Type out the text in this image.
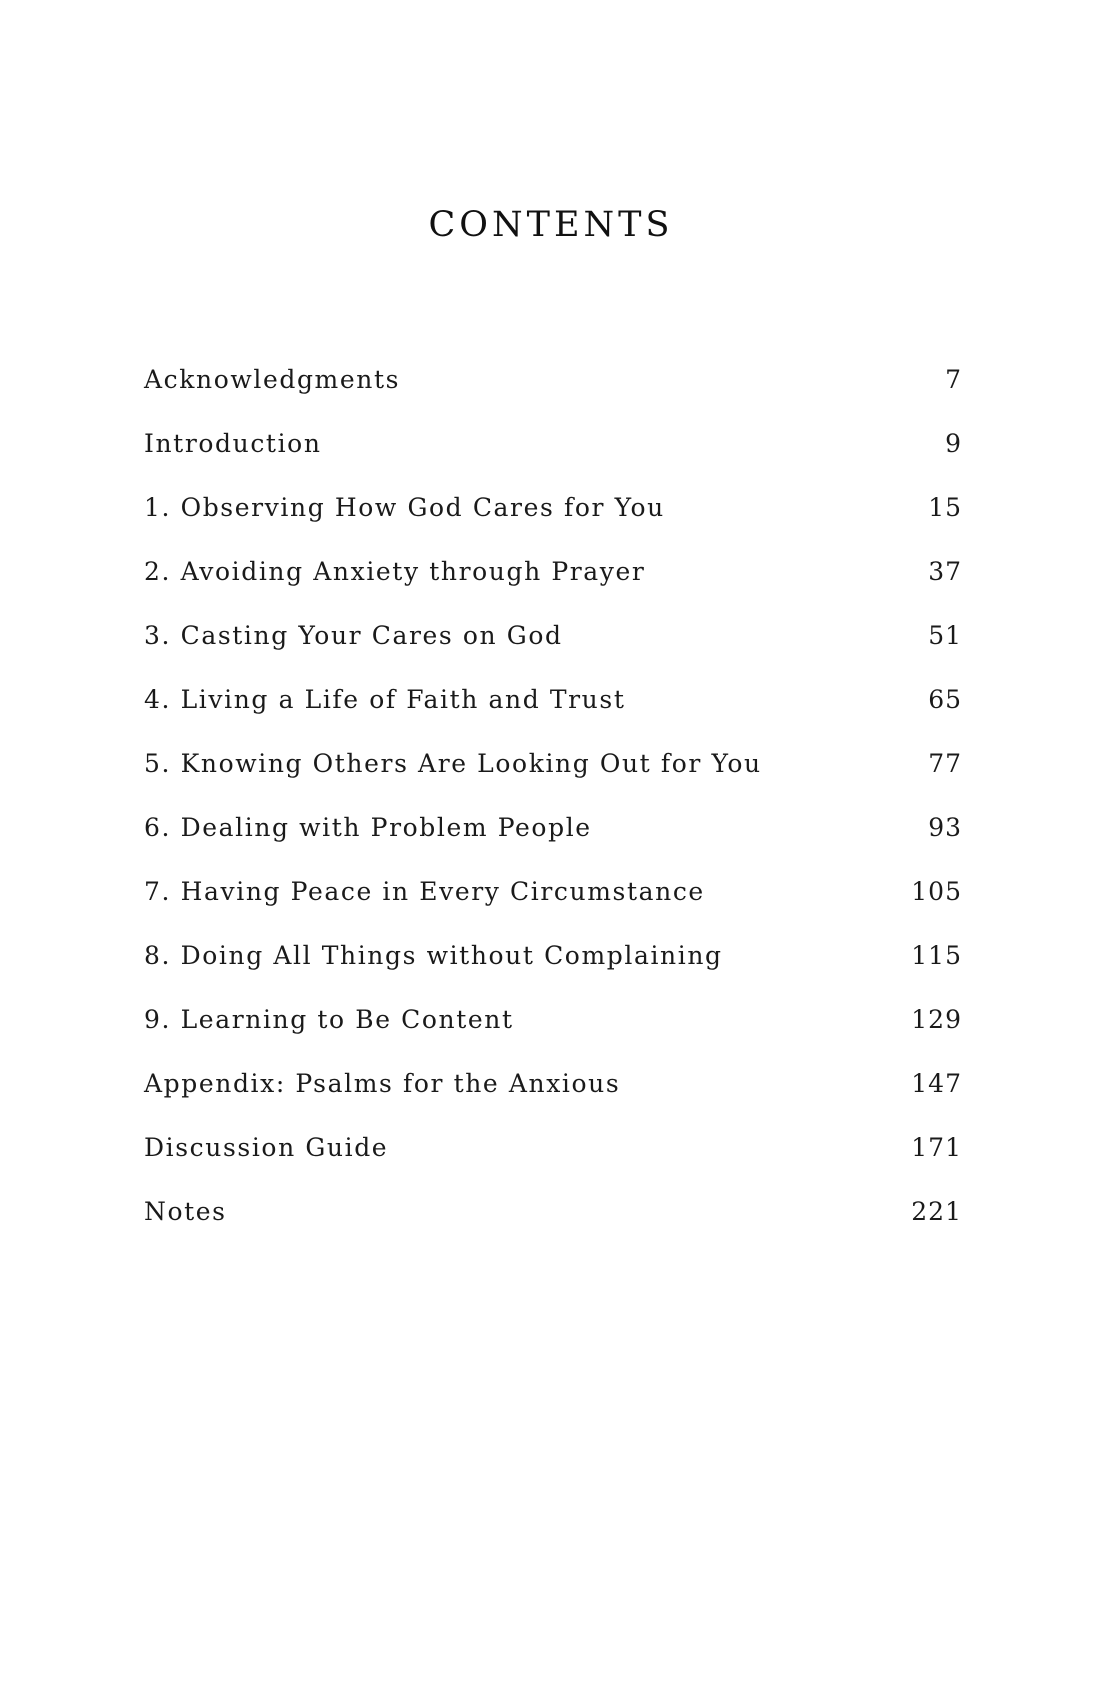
CONTENTS
Acknowledgments	7
Introduction	9
1. Observing How God Cares for You	15
2. Avoiding Anxiety through Prayer	37
3. Casting Your Cares on God	51
4. Living a Life of Faith and Trust	65
5. Knowing Others Are Looking Out for You	77
6. Dealing with Problem People	93
7. Having Peace in Every Circumstance	105
8. Doing All Things without Complaining	115
9. Learning to Be Content	129
Appendix: Psalms for the Anxious	147
Discussion Guide	171
Notes	221
